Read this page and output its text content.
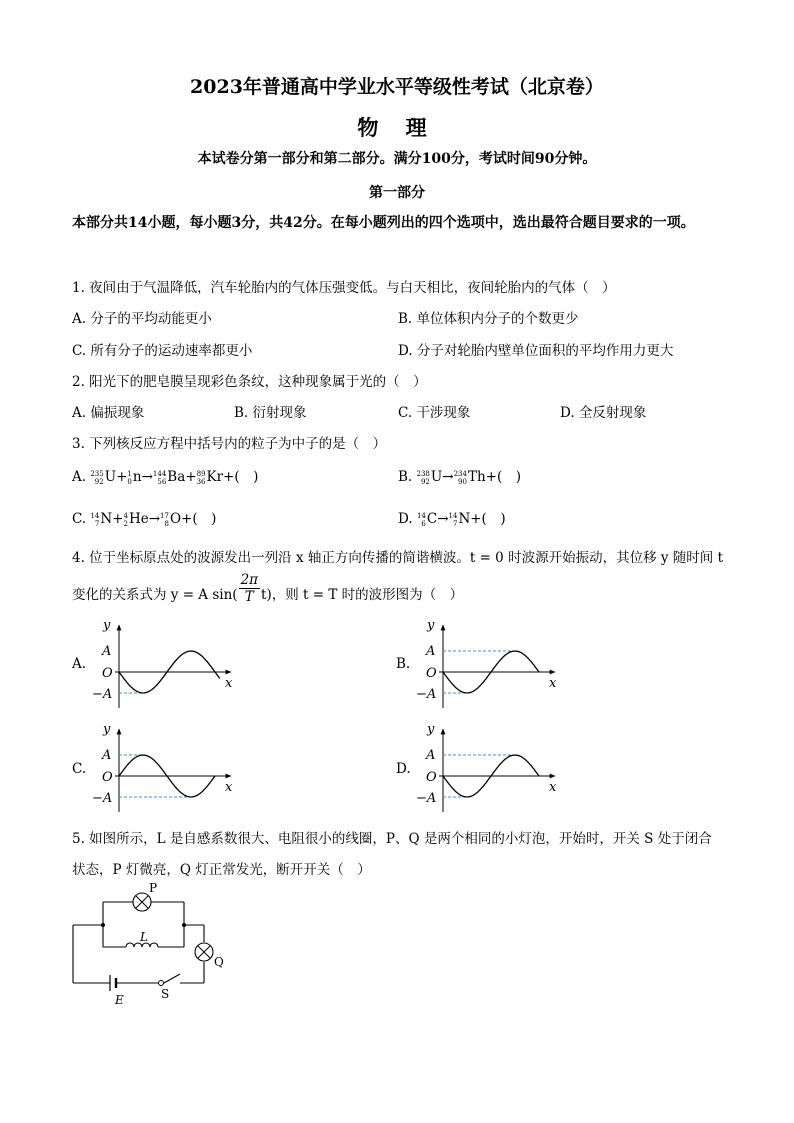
2023年普通高中学业水平等级性考试（北京卷）
物 理
本试卷分第一部分和第二部分。满分100分，考试时间90分钟。
第一部分
本部分共14小题，每小题3分，共42分。在每小题列出的四个选项中，选出最符合题目要求的一项。
1. 夜间由于气温降低，汽车轮胎内的气体压强变低。与白天相比，夜间轮胎内的气体（　）
A. 分子的平均动能更小	B. 单位体积内分子的个数更少
C. 所有分子的运动速率都更小	D. 分子对轮胎内壁单位面积的平均作用力更大
2. 阳光下的肥皂膜呈现彩色条纹，这种现象属于光的（　）
A. 偏振现象	B. 衍射现象	C. 干涉现象	D. 全反射现象
3. 下列核反应方程中括号内的粒子为中子的是（　）
A. 235
92 U+ 1
0 n→ 144
56 Ba+ 89
36 Kr+(　)	B. 238
92 U→ 234
90 Th+(　)
C. 14
7 N+ 4
2 He→ 17
8 O+(　)	D. 14
6 C→ 14
7 N+(　)
4. 位于坐标原点处的波源发出一列沿 x 轴正方向传播的简谐横波。t = 0 时波源开始振动，其位移 y 随时间 t
变化的关系式为 y = A $\sin( \frac{2\pi}{T} t)$，则 t = T 时的波形图为（　）
A.	B.
C.	D.
y
x
A
O
−A
y
x
A
O
−A
y
x
A
O
−A
y
x
A
O
−A
5. 如图所示，L 是自感系数很大、电阻很小的线圈，P、Q 是两个相同的小灯泡，开始时，开关 S 处于闭合
状态，P 灯微亮，Q 灯正常发光，断开开关（　）
P
L
Q
S
E
